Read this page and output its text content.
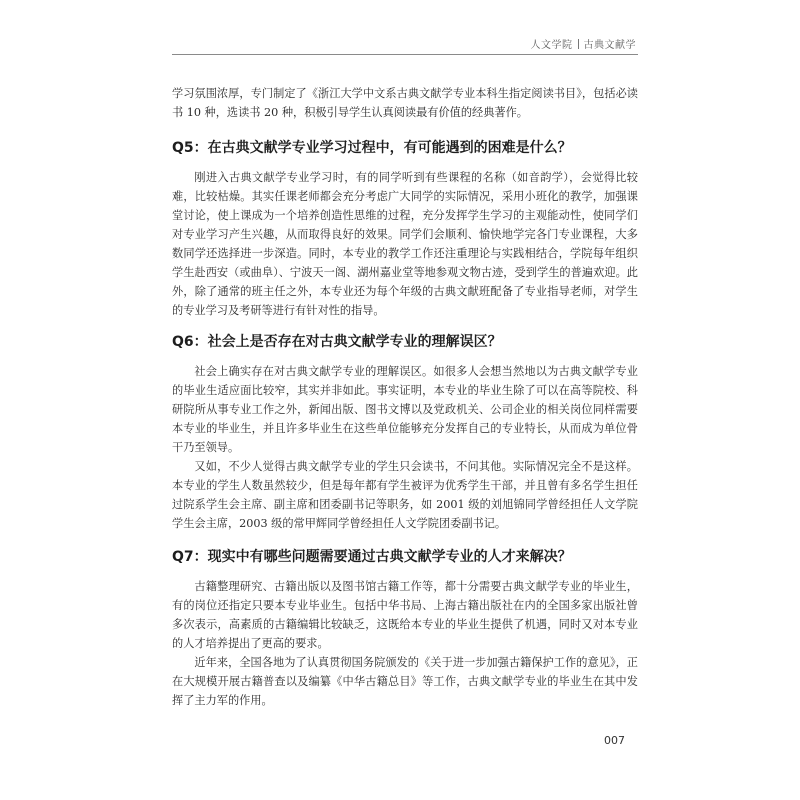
人文学院 古典文献学

学习氛围浓厚，专门制定了《浙江大学中文系古典文献学专业本科生指定阅读书目》，包括必读书 10 种，选读书 20 种，积极引导学生认真阅读最有价值的经典著作。

Q5：在古典文献学专业学习过程中，有可能遇到的困难是什么？

刚进入古典文献学专业学习时，有的同学听到有些课程的名称（如音韵学），会觉得比较难，比较枯燥。其实任课老师都会充分考虑广大同学的实际情况，采用小班化的教学，加强课堂讨论，使上课成为一个培养创造性思维的过程，充分发挥学生学习的主观能动性，使同学们对专业学习产生兴趣，从而取得良好的效果。同学们会顺利、愉快地学完各门专业课程，大多数同学还选择进一步深造。同时，本专业的教学工作还注重理论与实践相结合，学院每年组织学生赴西安（或曲阜）、宁波天一阁、湖州嘉业堂等地参观文物古迹，受到学生的普遍欢迎。此外，除了通常的班主任之外，本专业还为每个年级的古典文献班配备了专业指导老师，对学生的专业学习及考研等进行有针对性的指导。

Q6：社会上是否存在对古典文献学专业的理解误区？

社会上确实存在对古典文献学专业的理解误区。如很多人会想当然地以为古典文献学专业的毕业生适应面比较窄，其实并非如此。事实证明，本专业的毕业生除了可以在高等院校、科研院所从事专业工作之外，新闻出版、图书文博以及党政机关、公司企业的相关岗位同样需要本专业的毕业生，并且许多毕业生在这些单位能够充分发挥自己的专业特长，从而成为单位骨干乃至领导。

又如，不少人觉得古典文献学专业的学生只会读书，不问其他。实际情况完全不是这样。本专业的学生人数虽然较少，但是每年都有学生被评为优秀学生干部，并且曾有多名学生担任过院系学生会主席、副主席和团委副书记等职务，如 2001 级的刘旭锦同学曾经担任人文学院学生会主席，2003 级的常甲辉同学曾经担任人文学院团委副书记。

Q7：现实中有哪些问题需要通过古典文献学专业的人才来解决？

古籍整理研究、古籍出版以及图书馆古籍工作等，都十分需要古典文献学专业的毕业生，有的岗位还指定只要本专业毕业生。包括中华书局、上海古籍出版社在内的全国多家出版社曾多次表示，高素质的古籍编辑比较缺乏，这既给本专业的毕业生提供了机遇，同时又对本专业的人才培养提出了更高的要求。

近年来，全国各地为了认真贯彻国务院颁发的《关于进一步加强古籍保护工作的意见》，正在大规模开展古籍普查以及编纂《中华古籍总目》等工作，古典文献学专业的毕业生在其中发挥了主力军的作用。

007
